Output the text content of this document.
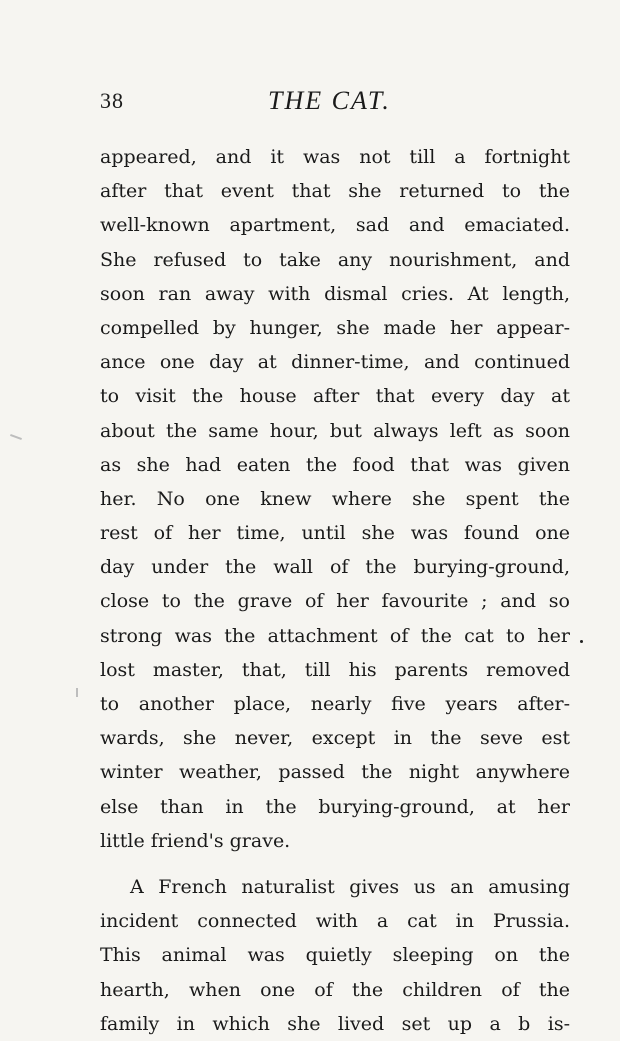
38	THE CAT.
appeared, and it was not till a fortnight
after that event that she returned to the
well-known apartment, sad and emaciated.
She refused to take any nourishment, and
soon ran away with dismal cries. At length,
compelled by hunger, she made her appear-
ance one day at dinner-time, and continued
to visit the house after that every day at
about the same hour, but always left as soon
as she had eaten the food that was given
her. No one knew where she spent the
rest of her time, until she was found one
day under the wall of the burying-ground,
close to the grave of her favourite ; and so
strong was the attachment of the cat to her
lost master, that, till his parents removed
to another place, nearly five years after-
wards, she never, except in the seve est
winter weather, passed the night anywhere
else than in the burying-ground, at her
little friend's grave.
A French naturalist gives us an amusing
incident connected with a cat in Prussia.
This animal was quietly sleeping on the
hearth, when one of the children of the
family in which she lived set up a b is-
